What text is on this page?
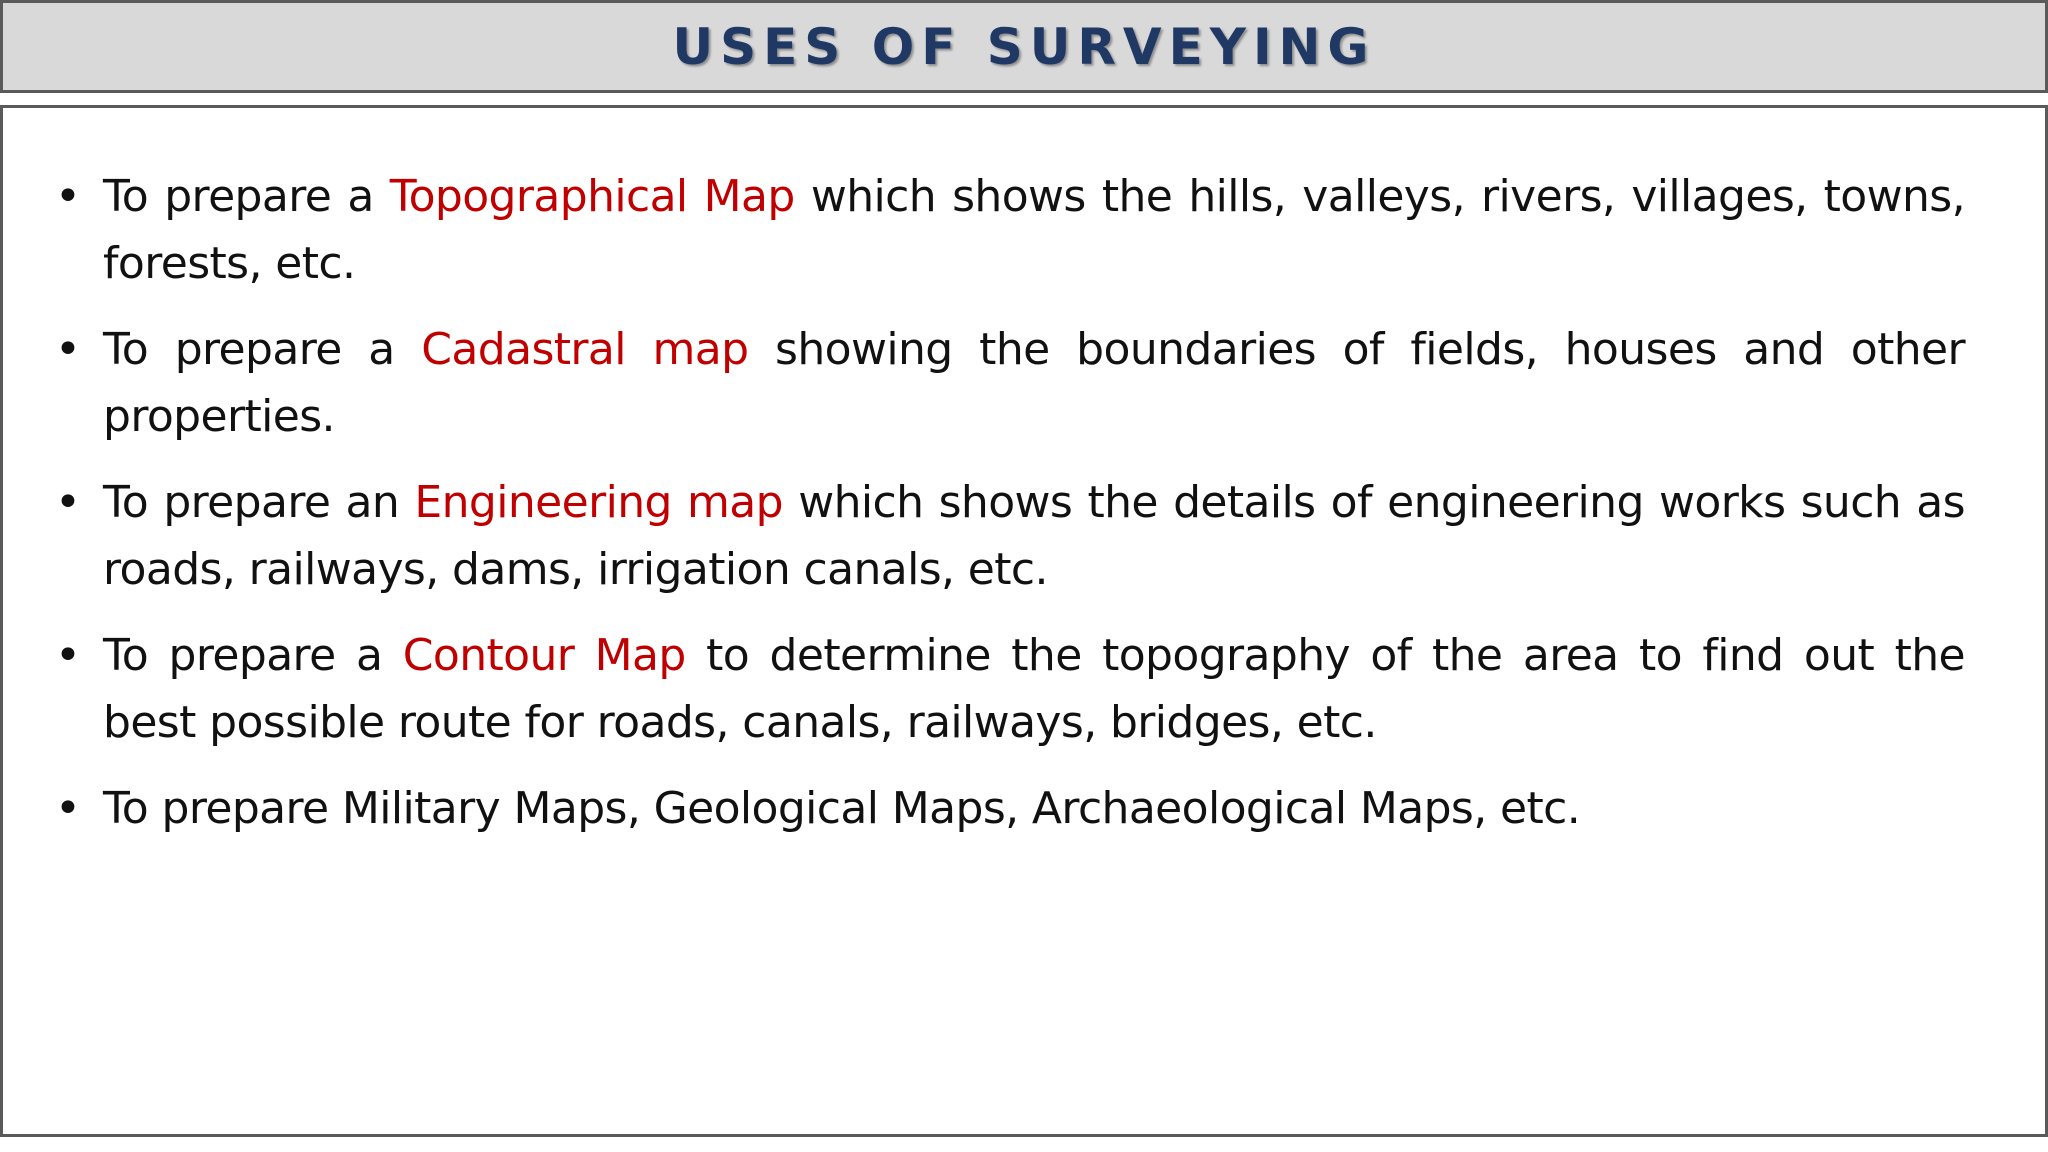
USES OF SURVEYING
• To prepare a Topographical Map which shows the hills, valleys, rivers, villages, towns, forests, etc.
• To prepare a Cadastral map showing the boundaries of fields, houses and other properties.
• To prepare an Engineering map which shows the details of engineering works such as roads, railways, dams, irrigation canals, etc.
• To prepare a Contour Map to determine the topography of the area to find out the best possible route for roads, canals, railways, bridges, etc.
• To prepare Military Maps, Geological Maps, Archaeological Maps, etc.
